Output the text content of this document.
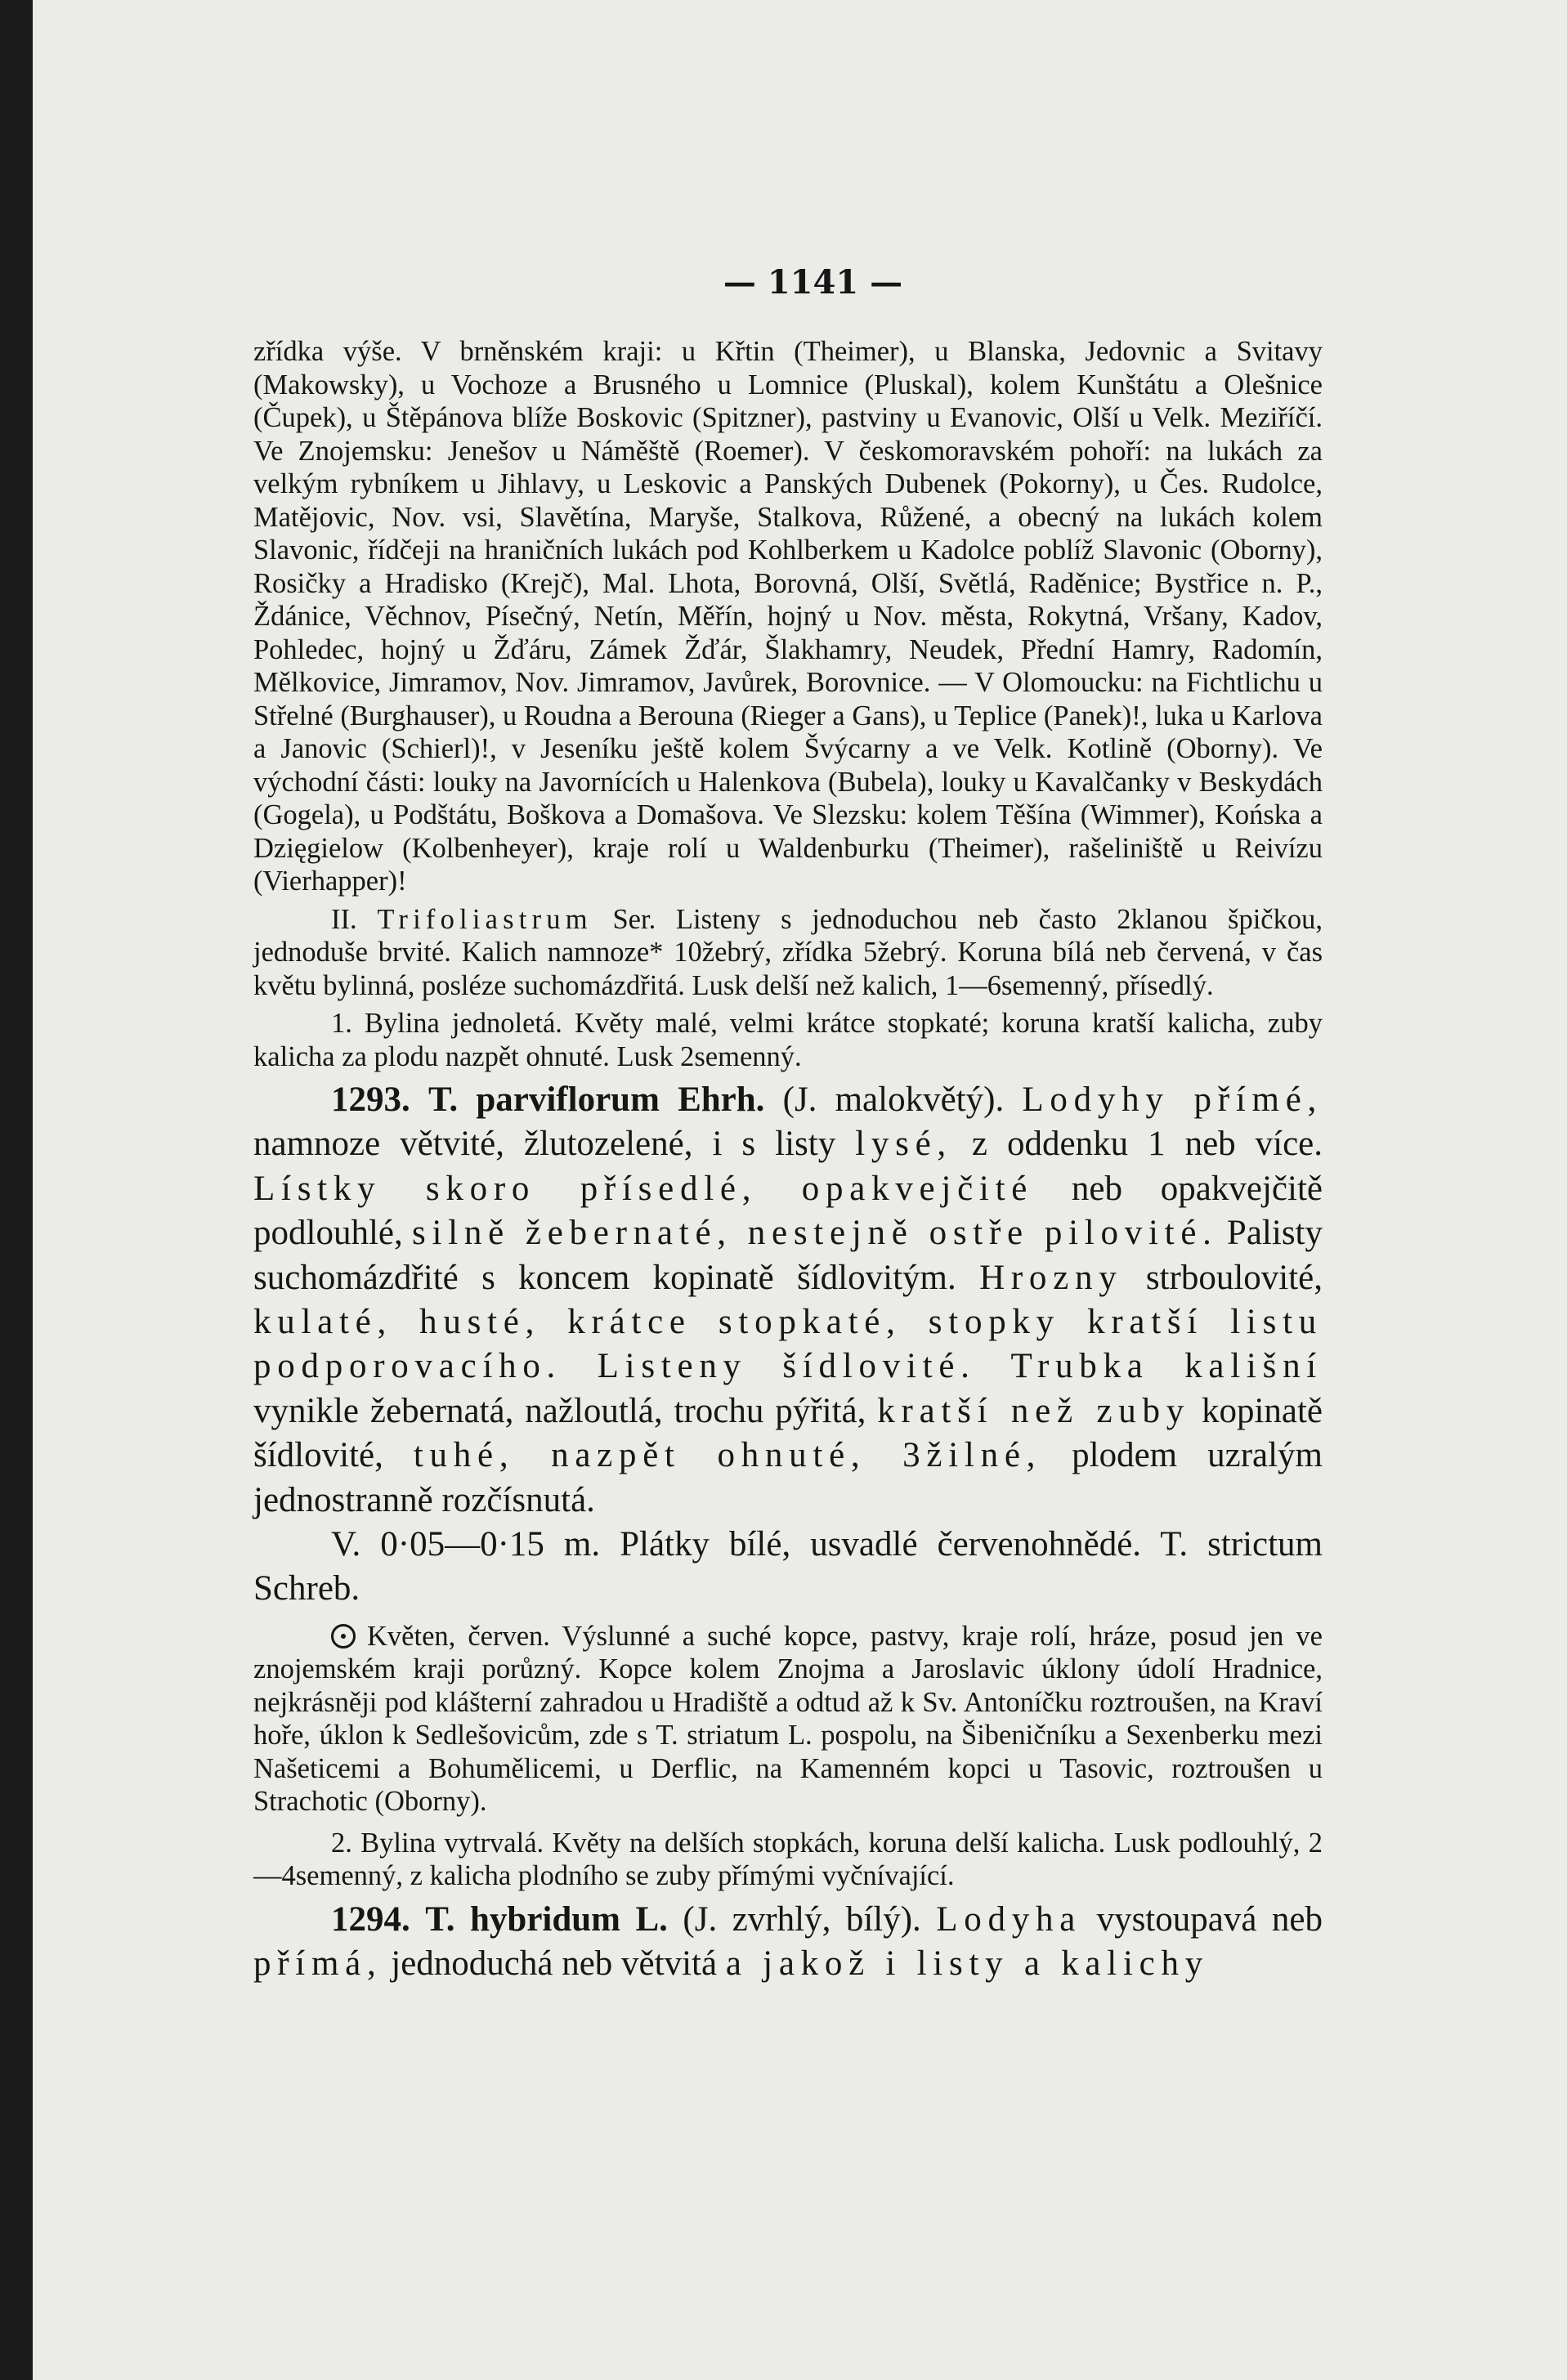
— 1141 —

zřídka výše. V brněnském kraji: u Křtin (Theimer), u Blanska, Jedovnic a Svitavy (Makowsky), u Vochoze a Brusného u Lomnice (Pluskal), kolem Kunštátu a Olešnice (Čupek), u Štěpánova blíže Boskovic (Spitzner), pastviny u Evanovic, Olší u Velk. Meziříčí. Ve Znojemsku: Jenešov u Náměště (Roemer). V českomoravském pohoří: na lukách za velkým rybníkem u Jihlavy, u Leskovic a Panských Dubenek (Pokorny), u Čes. Rudolce, Matějovic, Nov. vsi, Slavětína, Maryše, Stalkova, Růžené, a obecný na lukách kolem Slavonic, řídčeji na hraničních lukách pod Kohlberkem u Kadolce poblíž Slavonic (Oborny), Rosičky a Hradisko (Krejč), Mal. Lhota, Borovná, Olší, Světlá, Raděnice; Bystřice n. P., Ždánice, Věchnov, Písečný, Netín, Měřín, hojný u Nov. města, Rokytná, Vršany, Kadov, Pohledec, hojný u Žďáru, Zámek Žďár, Šlakhamry, Neudek, Přední Hamry, Radomín, Mělkovice, Jimramov, Nov. Jimramov, Javůrek, Borovnice. — V Olomoucku: na Fichtlichu u Střelné (Burghauser), u Roudna a Berouna (Rieger a Gans), u Teplice (Panek)!, luka u Karlova a Janovic (Schierl)!, v Jeseníku ještě kolem Švýcarny a ve Velk. Kotlině (Oborny). Ve východní části: louky na Javornících u Halenkova (Bubela), louky u Kavalčanky v Beskydách (Gogela), u Podštátu, Boškova a Domašova. Ve Slezsku: kolem Těšína (Wimmer), Końska a Dzięgielow (Kolbenheyer), kraje rolí u Waldenburku (Theimer), rašeliniště u Reivízu (Vierhapper)!

II. Trifoliastrum Ser. Listeny s jednoduchou neb často 2klanou špičkou, jednoduše brvité. Kalich namnoze* 10žebrý, zřídka 5žebrý. Koruna bílá neb červená, v čas květu bylinná, posléze suchomázdřitá. Lusk delší než kalich, 1—6semenný, přísedlý.

1. Bylina jednoletá. Květy malé, velmi krátce stopkaté; koruna kratší kalicha, zuby kalicha za plodu nazpět ohnuté. Lusk 2semenný.

1293. T. parviflorum Ehrh. (J. malokvětý). Lodyhy přímé, namnoze větvité, žlutozelené, i s listy lysé, z oddenku 1 neb více. Lístky skoro přísedlé, opakvejčité neb opakvejčitě podlouhlé, silně žebernaté, nestejně ostře pilovité. Palisty suchomázdřité s koncem kopinatě šídlovitým. Hrozny strboulovité, kulaté, husté, krátce stopkaté, stopky kratší listu podporovacího. Listeny šídlovité. Trubka kališní vynikle žebernatá, nažloutlá, trochu pýřitá, kratší než zuby kopinatě šídlovité, tuhé, nazpět ohnuté, 3žilné, plodem uzralým jednostranně rozčísnutá.

V. 0·05—0·15 m. Plátky bílé, usvadlé červenohnědé. T. strictum Schreb.

Květen, červen. Výslunné a suché kopce, pastvy, kraje rolí, hráze, posud jen ve znojemském kraji porůzný. Kopce kolem Znojma a Jaroslavic úklony údolí Hradnice, nejkrásněji pod klášterní zahradou u Hradiště a odtud až k Sv. Antoníčku roztroušen, na Kraví hoře, úklon k Sedlešovicům, zde s T. striatum L. pospolu, na Šibeničníku a Sexenberku mezi Našeticemi a Bohumělicemi, u Derflic, na Kamenném kopci u Tasovic, roztroušen u Strachotic (Oborny).

2. Bylina vytrvalá. Květy na delších stopkách, koruna delší kalicha. Lusk podlouhlý, 2—4semenný, z kalicha plodního se zuby přímými vyčnívající.

1294. T. hybridum L. (J. zvrhlý, bílý). Lodyha vystoupavá neb přímá, jednoduchá neb větvitá a jakož i listy a kalichy
